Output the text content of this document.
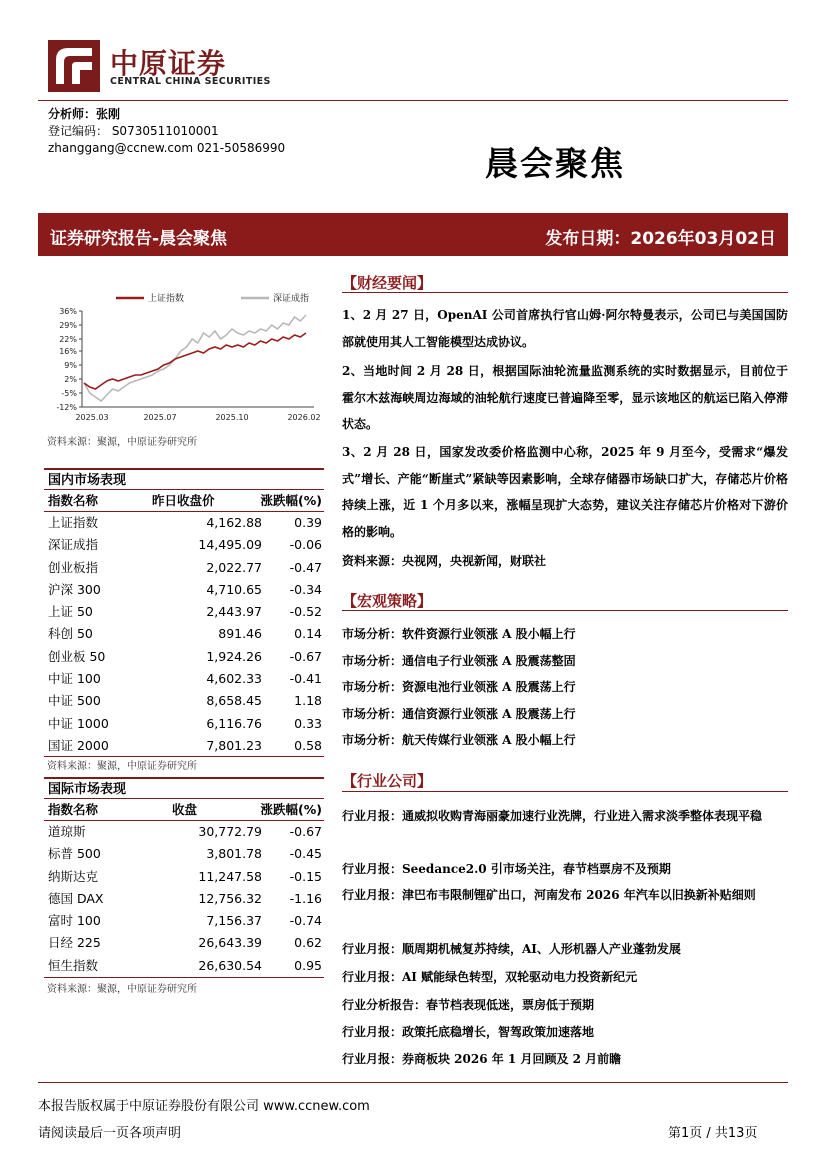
中原证券
CENTRAL CHINA SECURITIES
分析师：张刚
登记编码： S0730511010001
zhanggang@ccnew.com 021-50586990	晨会聚焦
证券研究报告-晨会聚焦	发布日期：2026年03月02日
36%
29%
22%
16%
9%
2%
-5%
-12%
2025.03	2025.07	2025.10	2026.02
上证指数	深证成指
资料来源：聚源，中原证券研究所
国内市场表现
指数名称	昨日收盘价	涨跌幅(%)
上证指数	4,162.88	0.39
深证成指	14,495.09 -0.06
创业板指	2,022.77 -0.47
沪深 300	4,710.65 -0.34
上证 50	2,443.97 -0.52
科创 50	891.46	0.14
创业板 50	1,924.26 -0.67
中证 100	4,602.33 -0.41
中证 500	8,658.45	1.18
中证 1000	6,116.76	0.33
国证 2000	7,801.23	0.58
资料来源：聚源，中原证券研究所
国际市场表现
指数名称	收盘	涨跌幅(%)
道琼斯	30,772.79 -0.67
标普 500	3,801.78 -0.45
纳斯达克	11,247.58 -0.15
德国 DAX	12,756.32 -1.16
富时 100	7,156.37 -0.74
日经 225	26,643.39	0.62
恒生指数	26,630.54	0.95
资料来源：聚源，中原证券研究所
【财经要闻】
1、2 月 27 日，OpenAI 公司首席执行官山姆·阿尔特曼表示，公司已与美国国防部就使用其人工智能模型达成协议。
2、当地时间 2 月 28 日，根据国际油轮流量监测系统的实时数据显示，目前位于霍尔木兹海峡周边海域的油轮航行速度已普遍降至零，显示该地区的航运已陷入停滞状态。
3、2 月 28 日，国家发改委价格监测中心称，2025 年 9 月至今，受需求“爆发式”增长、产能“断崖式”紧缺等因素影响，全球存储器市场缺口扩大，存储芯片价格持续上涨，近 1 个月多以来，涨幅呈现扩大态势，建议关注存储芯片价格对下游价格的影响。
资料来源：央视网，央视新闻，财联社
【宏观策略】
市场分析：软件资源行业领涨 A 股小幅上行
市场分析：通信电子行业领涨 A 股震荡整固
市场分析：资源电池行业领涨 A 股震荡上行
市场分析：通信资源行业领涨 A 股震荡上行
市场分析：航天传媒行业领涨 A 股小幅上行
【行业公司】
行业月报：通威拟收购青海丽豪加速行业洗牌，行业进入需求淡季整体表现平稳
行业月报：Seedance2.0 引市场关注，春节档票房不及预期
行业月报：津巴布韦限制锂矿出口，河南发布 2026 年汽车以旧换新补贴细则
行业月报：顺周期机械复苏持续，AI、人形机器人产业蓬勃发展
行业月报：AI 赋能绿色转型，双轮驱动电力投资新纪元
行业分析报告：春节档表现低迷，票房低于预期
行业月报：政策托底稳增长，智驾政策加速落地
行业月报：券商板块 2026 年 1 月回顾及 2 月前瞻
本报告版权属于中原证券股份有限公司 www.ccnew.com
请阅读最后一页各项声明	第1页 / 共13页
